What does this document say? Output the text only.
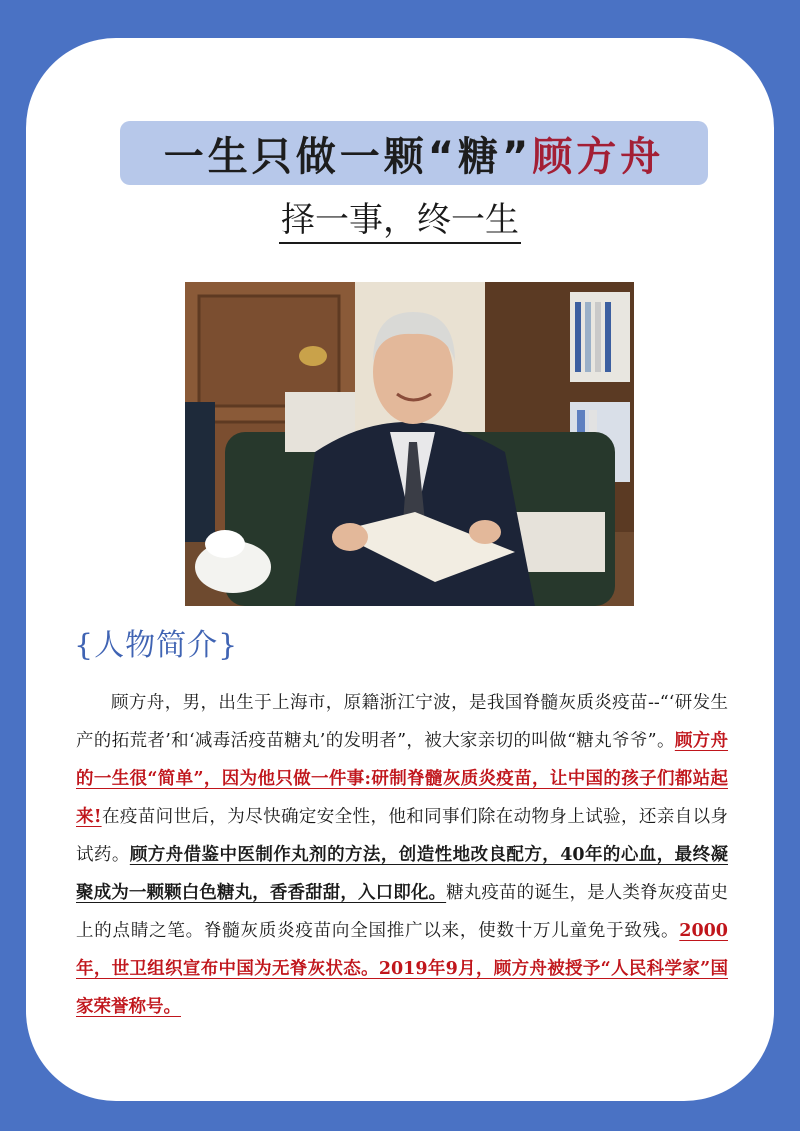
一生只做一颗“糖” 顾方舟
择一事，终一生
{人物简介}
顾方舟，男，出生于上海市，原籍浙江宁波，是我国脊髓灰质炎疫苗--“‘研发生产的拓荒者’和‘减毒活疫苗糖丸’的发明者”，被大家亲切的叫做“糖丸爷爷”。顾方舟的一生很“简单”，因为他只做一件事:研制脊髓灰质炎疫苗，让中国的孩子们都站起来!在疫苗问世后，为尽快确定安全性，他和同事们除在动物身上试验，还亲自以身试药。顾方舟借鉴中医制作丸剂的方法，创造性地改良配方，40年的心血，最终凝聚成为一颗颗白色糖丸，香香甜甜，入口即化。糖丸疫苗的诞生，是人类脊灰疫苗史上的点睛之笔。脊髓灰质炎疫苗向全国推广以来，使数十万儿童免于致残。2000年，世卫组织宣布中国为无脊灰状态。2019年9月，顾方舟被授予“人民科学家”国家荣誉称号。
